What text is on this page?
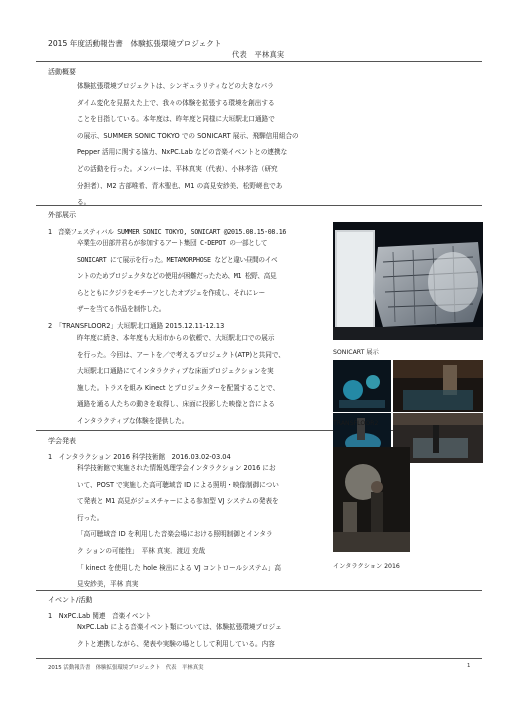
2015 年度活動報告書　体験拡張環境プロジェクト
代表　平林真実
活動概要
体験拡張環境プロジェクトは、シンギュラリティなどの大きなパラ
ダイム変化を見据えた上で、我々の体験を拡張する環境を創出する
ことを目指している。本年度は、昨年度と同様に大垣駅北口通路で
の展示、SUMMER SONIC TOKYO での SONICART 展示、飛騨信用組合の
Pepper 活用に関する協力、NxPC.Lab などの音楽イベントとの連携な
どの活動を行った。メンバーは、平林真実（代表）、小林孝浩（研究
分担者）、M2 古部唯希、青木聖也、M1 の高見安紗美、松野嵯也であ
る。
外部展示
1　音楽フェスティバル SUMMER SONIC TOKYO, SONICART @2015.08.15-08.16
卒業生の田部井君らが参加するアート集団 C-DEPOT の一部として
SONICART にて展示を行った。METAMORPHOSE などと違い昼間のイベ
ントのためプロジェクタなどの使用が困難だったため、M1 松野、高見
らとともにクジラをモチーフとしたオブジェを作成し、それにレー
ザーを当てる作品を制作した。
2　「TRANSFLOOR2」大垣駅北口通路 2015.12.11-12.13
昨年度に続き、本年度も大垣市からの依頼で、大垣駅北口での展示
を行った。今回は、アートを／で考えるプロジェクト(ATP)と共同で、
大垣駅北口通路にてインタラクティブな床面プロジェクションを実
施した。トラスを組み Kinect とプロジェクターを配置することで、
通路を通る人たちの動きを取得し、床面に投影した映像と音による
インタラクティブな体験を提供した。
SONICART 展示
TRANSFLOOR2
学会発表
1　インタラクション 2016 科学技術館　2016.03.02-03.04
科学技術館で実施された情報処理学会インタラクション 2016 にお
いて、POST で実施した高可聴域音 ID による照明・映像制御につい
て発表と M1 高見がジェスチャーによる参加型 VJ システムの発表を
行った。
「高可聴域音 ID を利用した音楽会場における照明制御とインタラ
ク ションの可能性」　平林 真実．渡辺 充哉
「 kinect を使用した hole 検出による VJ コントロールシステム」高
見安紗美，平林 真実
インタラクション 2016
イベント/活動
1　NxPC.Lab 関連　音楽イベント
NxPC.Lab による音楽イベント類については、体験拡張環境プロジェ
クトと連携しながら、発表や実験の場としして利用している。内容
2015 活動報告書　体験拡張環境プロジェクト　代表　平林真実	1
